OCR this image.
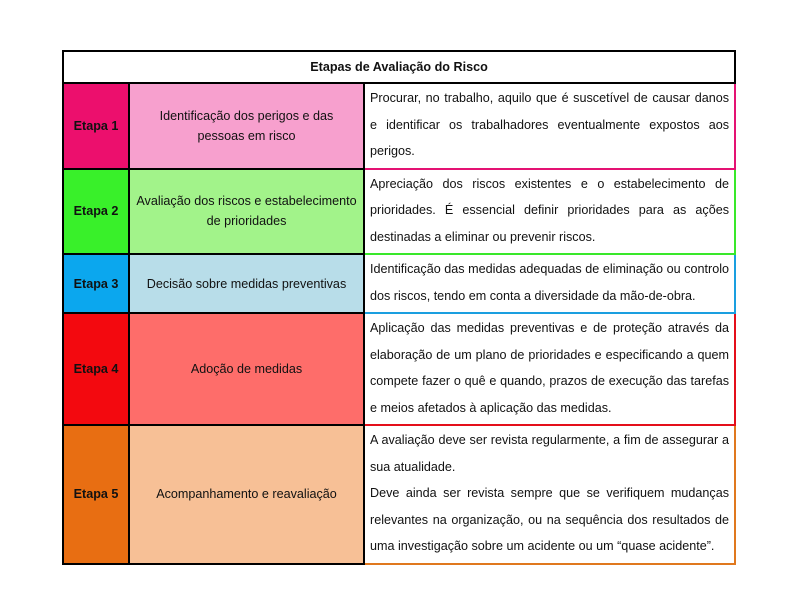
Etapas de Avaliação do Risco		
Etapa 1	Identificação dos perigos e das pessoas em risco	Procurar, no trabalho, aquilo que é suscetível de causar danos e identificar os trabalhadores eventualmente expostos aos perigos.

Etapa 2	Avaliação dos riscos e estabelecimento de prioridades	Apreciação dos riscos existentes e o estabelecimento de prioridades. É essencial definir prioridades para as ações destinadas a eliminar ou prevenir riscos.

Etapa 3	Decisão sobre medidas preventivas	Identificação das medidas adequadas de eliminação ou controlo dos riscos, tendo em conta a diversidade da mão-de-obra.

Etapa 4	Adoção de medidas	Aplicação das medidas preventivas e de proteção através da elaboração de um plano de prioridades e especificando a quem compete fazer o quê e quando, prazos de execução das tarefas e meios afetados à aplicação das medidas.

Etapa 5	Acompanhamento e reavaliação	A avaliação deve ser revista regularmente, a fim de assegurar a sua atualidade.

Deve ainda ser revista sempre que se verifiquem mudanças relevantes na organização, ou na sequência dos resultados de uma investigação sobre um acidente ou um “quase acidente”.
